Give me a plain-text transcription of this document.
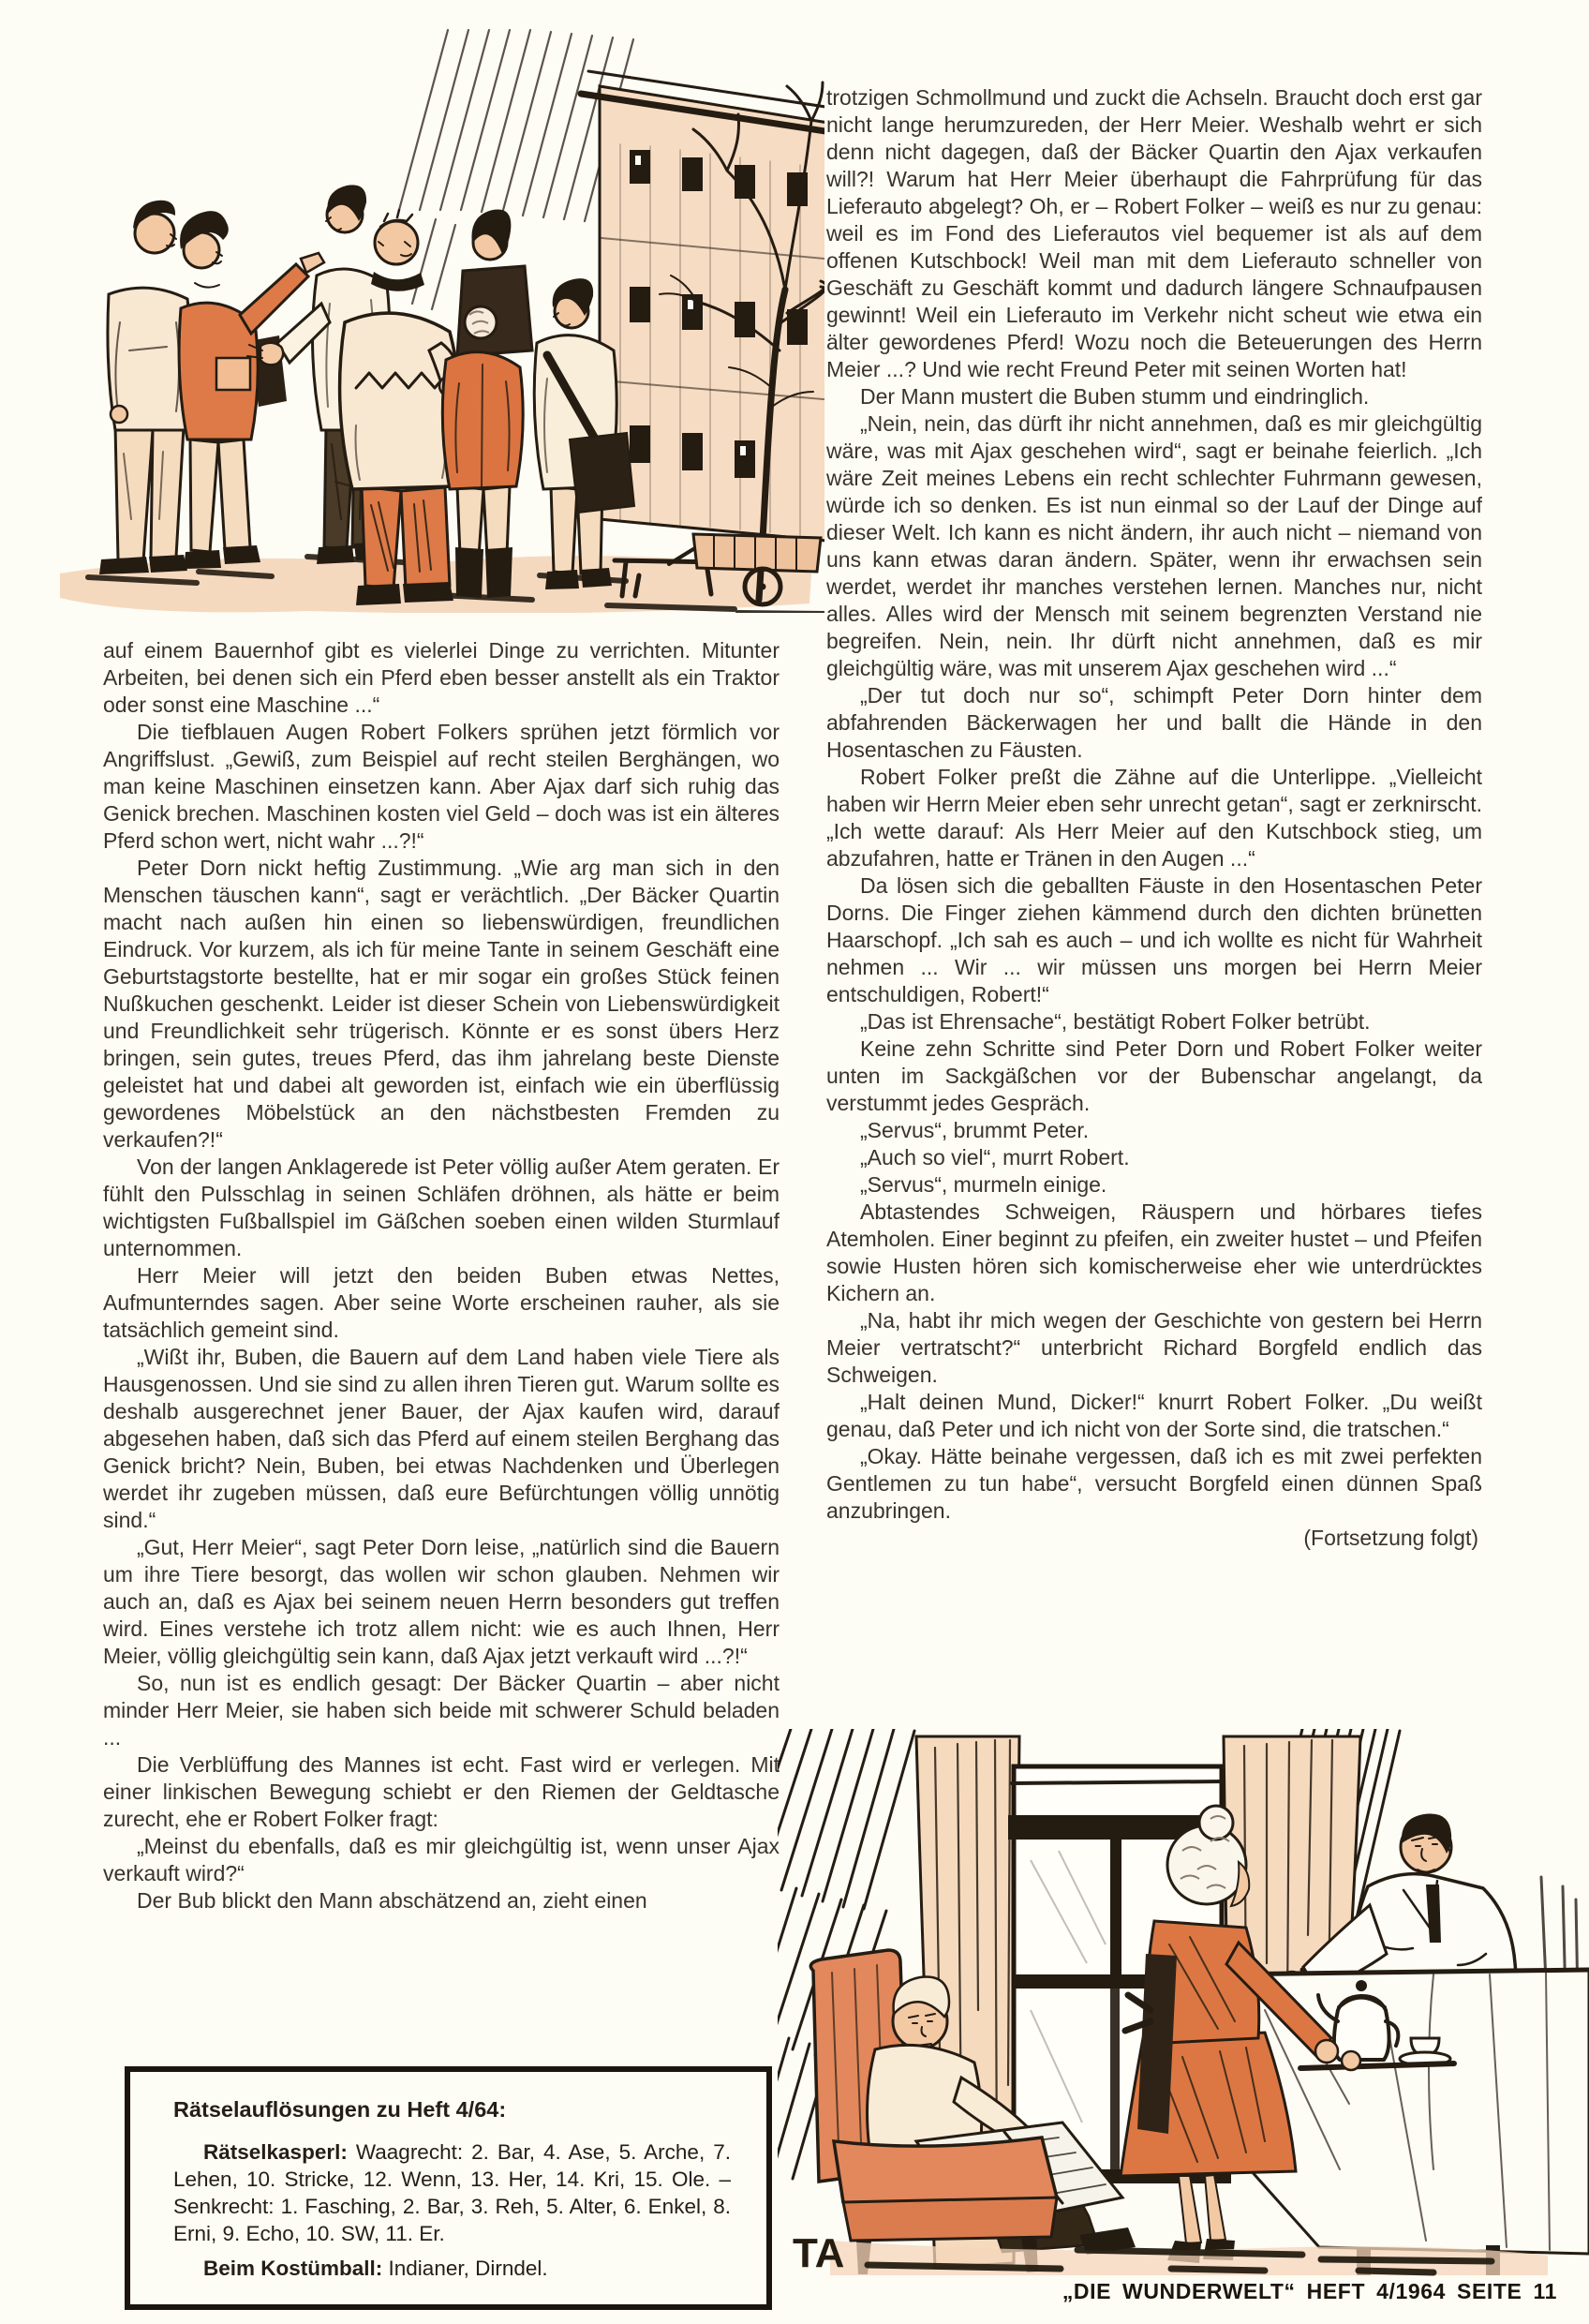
auf einem Bauernhof gibt es vielerlei Dinge zu verrichten. Mitunter Arbeiten, bei denen sich ein Pferd eben besser anstellt als ein Traktor oder sonst eine Maschine ...“

Die tiefblauen Augen Robert Folkers sprühen jetzt förmlich vor Angriffslust. „Gewiß, zum Beispiel auf recht steilen Berghängen, wo man keine Maschinen einsetzen kann. Aber Ajax darf sich ruhig das Genick brechen. Maschinen kosten viel Geld – doch was ist ein älteres Pferd schon wert, nicht wahr ...?!“

Peter Dorn nickt heftig Zustimmung. „Wie arg man sich in den Menschen täuschen kann“, sagt er verächtlich. „Der Bäcker Quartin macht nach außen hin einen so liebenswürdigen, freundlichen Eindruck. Vor kurzem, als ich für meine Tante in seinem Geschäft eine Geburtstagstorte bestellte, hat er mir sogar ein großes Stück feinen Nußkuchen geschenkt. Leider ist dieser Schein von Liebenswürdigkeit und Freundlichkeit sehr trügerisch. Könnte er es sonst übers Herz bringen, sein gutes, treues Pferd, das ihm jahrelang beste Dienste geleistet hat und dabei alt geworden ist, einfach wie ein überflüssig gewordenes Möbelstück an den nächstbesten Fremden zu verkaufen?!“

Von der langen Anklagerede ist Peter völlig außer Atem geraten. Er fühlt den Pulsschlag in seinen Schläfen dröhnen, als hätte er beim wichtigsten Fußballspiel im Gäßchen soeben einen wilden Sturmlauf unternommen.

Herr Meier will jetzt den beiden Buben etwas Nettes, Aufmunterndes sagen. Aber seine Worte erscheinen rauher, als sie tatsächlich gemeint sind.

„Wißt ihr, Buben, die Bauern auf dem Land haben viele Tiere als Hausgenossen. Und sie sind zu allen ihren Tieren gut. Warum sollte es deshalb ausgerechnet jener Bauer, der Ajax kaufen wird, darauf abgesehen haben, daß sich das Pferd auf einem steilen Berghang das Genick bricht? Nein, Buben, bei etwas Nachdenken und Überlegen werdet ihr zugeben müssen, daß eure Befürchtungen völlig unnötig sind.“

„Gut, Herr Meier“, sagt Peter Dorn leise, „natürlich sind die Bauern um ihre Tiere besorgt, das wollen wir schon glauben. Nehmen wir auch an, daß es Ajax bei seinem neuen Herrn besonders gut treffen wird. Eines verstehe ich trotz allem nicht: wie es auch Ihnen, Herr Meier, völlig gleichgültig sein kann, daß Ajax jetzt verkauft wird ...?!“

So, nun ist es endlich gesagt: Der Bäcker Quartin – aber nicht minder Herr Meier, sie haben sich beide mit schwerer Schuld beladen ...

Die Verblüffung des Mannes ist echt. Fast wird er verlegen. Mit einer linkischen Bewegung schiebt er den Riemen der Geldtasche zurecht, ehe er Robert Folker fragt:

„Meinst du ebenfalls, daß es mir gleichgültig ist, wenn unser Ajax verkauft wird?“

Der Bub blickt den Mann abschätzend an, zieht einen

trotzigen Schmollmund und zuckt die Achseln. Braucht doch erst gar nicht lange herumzureden, der Herr Meier. Weshalb wehrt er sich denn nicht dagegen, daß der Bäcker Quartin den Ajax verkaufen will?! Warum hat Herr Meier überhaupt die Fahrprüfung für das Lieferauto abgelegt? Oh, er – Robert Folker – weiß es nur zu genau: weil es im Fond des Lieferautos viel bequemer ist als auf dem offenen Kutschbock! Weil man mit dem Lieferauto schneller von Geschäft zu Geschäft kommt und dadurch längere Schnaufpausen gewinnt! Weil ein Lieferauto im Verkehr nicht scheut wie etwa ein älter gewordenes Pferd! Wozu noch die Beteuerungen des Herrn Meier ...? Und wie recht Freund Peter mit seinen Worten hat!

Der Mann mustert die Buben stumm und eindringlich.

„Nein, nein, das dürft ihr nicht annehmen, daß es mir gleichgültig wäre, was mit Ajax geschehen wird“, sagt er beinahe feierlich. „Ich wäre Zeit meines Lebens ein recht schlechter Fuhrmann gewesen, würde ich so denken. Es ist nun einmal so der Lauf der Dinge auf dieser Welt. Ich kann es nicht ändern, ihr auch nicht – niemand von uns kann etwas daran ändern. Später, wenn ihr erwachsen sein werdet, werdet ihr manches verstehen lernen. Manches nur, nicht alles. Alles wird der Mensch mit seinem begrenzten Verstand nie begreifen. Nein, nein. Ihr dürft nicht annehmen, daß es mir gleichgültig wäre, was mit unserem Ajax geschehen wird ...“

„Der tut doch nur so“, schimpft Peter Dorn hinter dem abfahrenden Bäckerwagen her und ballt die Hände in den Hosentaschen zu Fäusten.

Robert Folker preßt die Zähne auf die Unterlippe. „Vielleicht haben wir Herrn Meier eben sehr unrecht getan“, sagt er zerknirscht. „Ich wette darauf: Als Herr Meier auf den Kutschbock stieg, um abzufahren, hatte er Tränen in den Augen ...“

Da lösen sich die geballten Fäuste in den Hosentaschen Peter Dorns. Die Finger ziehen kämmend durch den dichten brünetten Haarschopf. „Ich sah es auch – und ich wollte es nicht für Wahrheit nehmen ... Wir ... wir müssen uns morgen bei Herrn Meier entschuldigen, Robert!“

„Das ist Ehrensache“, bestätigt Robert Folker betrübt.

Keine zehn Schritte sind Peter Dorn und Robert Folker weiter unten im Sackgäßchen vor der Bubenschar angelangt, da verstummt jedes Gespräch.

„Servus“, brummt Peter.

„Auch so viel“, murrt Robert.

„Servus“, murmeln einige.

Abtastendes Schweigen, Räuspern und hörbares tiefes Atemholen. Einer beginnt zu pfeifen, ein zweiter hustet – und Pfeifen sowie Husten hören sich komischerweise eher wie unterdrücktes Kichern an.

„Na, habt ihr mich wegen der Geschichte von gestern bei Herrn Meier vertratscht?“ unterbricht Richard Borgfeld endlich das Schweigen.

„Halt deinen Mund, Dicker!“ knurrt Robert Folker. „Du weißt genau, daß Peter und ich nicht von der Sorte sind, die tratschen.“

„Okay. Hätte beinahe vergessen, daß ich es mit zwei perfekten Gentlemen zu tun habe“, versucht Borgfeld einen dünnen Spaß anzubringen.

(Fortsetzung folgt)

Rätselauflösungen zu Heft 4/64:

Rätselkasperl: Waagrecht: 2. Bar, 4. Ase, 5. Arche, 7. Lehen, 10. Stricke, 12. Wenn, 13. Her, 14. Kri, 15. Ole. – Senkrecht: 1. Fasching, 2. Bar, 3. Reh, 5. Alter, 6. Enkel, 8. Erni, 9. Echo, 10. SW, 11. Er.

Beim Kostümball: Indianer, Dirndel.	TA
„DIE WUNDERWELT“ HEFT 4/1964 SEITE 11
